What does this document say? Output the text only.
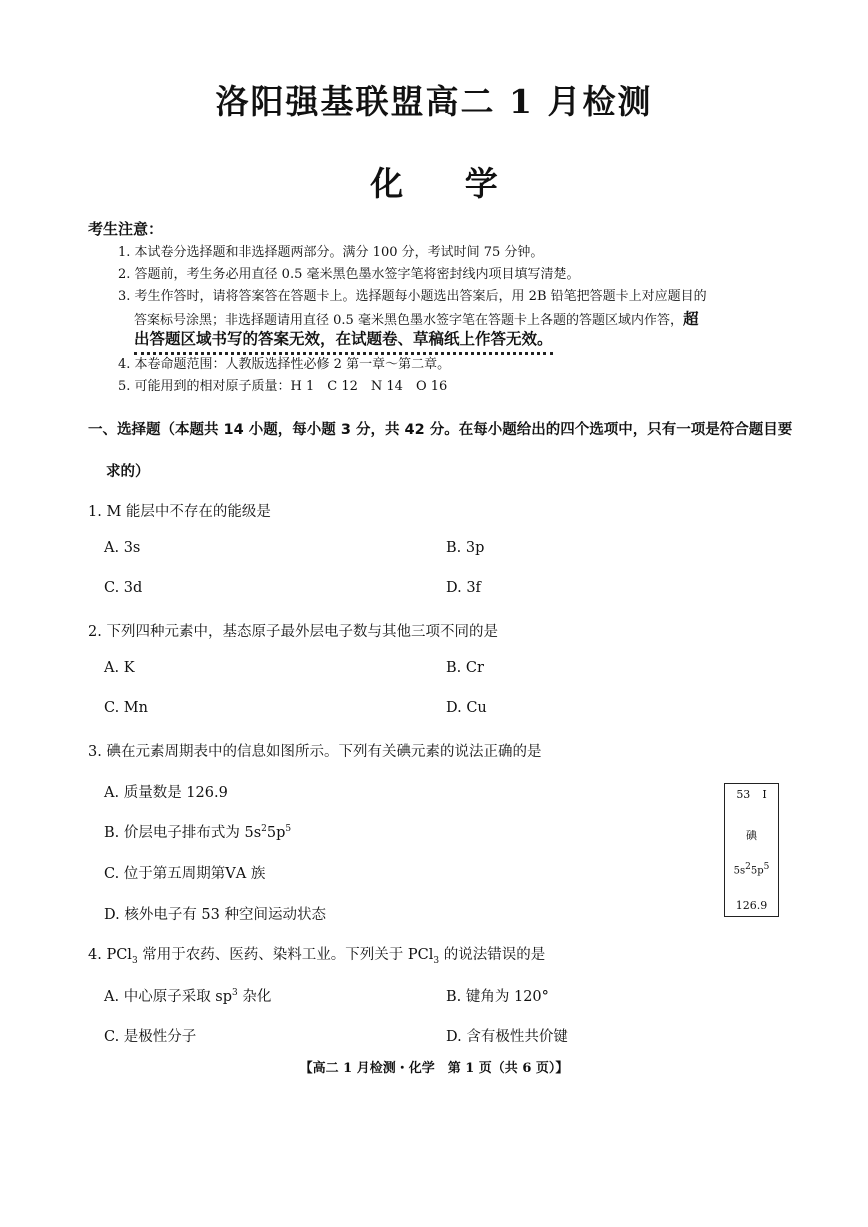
洛阳强基联盟高二 1 月检测
化 学
考生注意：
1. 本试卷分选择题和非选择题两部分。满分 100 分，考试时间 75 分钟。
2. 答题前，考生务必用直径 0.5 毫米黑色墨水签字笔将密封线内项目填写清楚。
3. 考生作答时，请将答案答在答题卡上。选择题每小题选出答案后，用 2B 铅笔把答题卡上对应题目的
答案标号涂黑；非选择题请用直径 0.5 毫米黑色墨水签字笔在答题卡上各题的答题区域内作答，超
出答题区域书写的答案无效，在试题卷、草稿纸上作答无效。
4. 本卷命题范围：人教版选择性必修 2 第一章～第二章。
5. 可能用到的相对原子质量：H 1　C 12　N 14　O 16
一、选择题（本题共 14 小题，每小题 3 分，共 42 分。在每小题给出的四个选项中，只有一项是符合题目要
求的）
1. M 能层中不存在的能级是
A. 3s	B. 3p
C. 3d	D. 3f
2. 下列四种元素中，基态原子最外层电子数与其他三项不同的是
A. K	B. Cr
C. Mn	D. Cu
3. 碘在元素周期表中的信息如图所示。下列有关碘元素的说法正确的是
A. 质量数是 126.9
B. 价层电子排布式为 $5s^25p^5$
C. 位于第五周期第ⅤA 族
D. 核外电子有 53 种空间运动状态
53 I
碘
$5s^25p^5$
126.9
4. PCl$_3$ 常用于农药、医药、染料工业。下列关于 PCl$_3$ 的说法错误的是
A. 中心原子采取 $sp^3$ 杂化	B. 键角为 120°
C. 是极性分子	D. 含有极性共价键
【高二 1 月检测・化学　第 1 页（共 6 页）】
